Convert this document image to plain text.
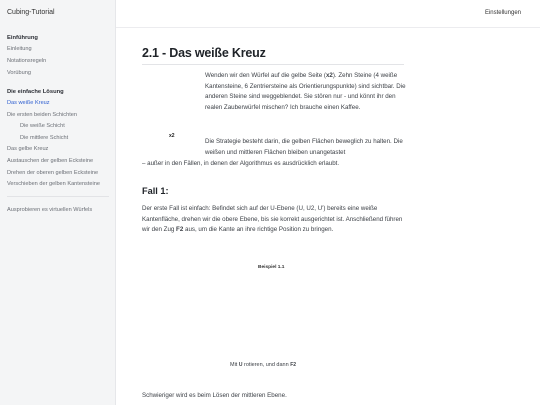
Cubing-Tutorial
Einführung
Einleitung
Notationsregeln
Vorübung
Die einfache Lösung
Das weiße Kreuz
Die ersten beiden Schichten
Die weiße Schicht
Die mittlere Schicht
Das gelbe Kreuz
Austauschen der gelben Ecksteine
Drehen der oberen gelben Ecksteine
Verschieben der gelben Kantensteine
Ausprobieren es virtuellen Würfels
Einstellungen
2.1 - Das weiße Kreuz

Wenden wir den Würfel auf die gelbe Seite (x2). Zehn Steine (4 weiße Kantensteine, 6 Zentriersteine als Orientierungspunkte) sind sichtbar. Die anderen Steine sind weggeblendet. Sie stören nur - und könnt ihr den realen Zauberwürfel mischen? Ich brauche einen Kaffee.

x2

Die Strategie besteht darin, die gelben Flächen beweglich zu halten. Die weißen und mittleren Flächen bleiben unangetastet

– außer in den Fällen, in denen der Algorithmus es ausdrücklich erlaubt.

Fall 1:

Der erste Fall ist einfach: Befindet sich auf der U-Ebene (U, U2, U') bereits eine weiße Kantenfläche, drehen wir die obere Ebene, bis sie korrekt ausgerichtet ist. Anschließend führen wir den Zug F2 aus, um die Kante an ihre richtige Position zu bringen.

Beispiel 1.1
Mit U rotieren, und dann F2

Schwieriger wird es beim Lösen der mittleren Ebene.
